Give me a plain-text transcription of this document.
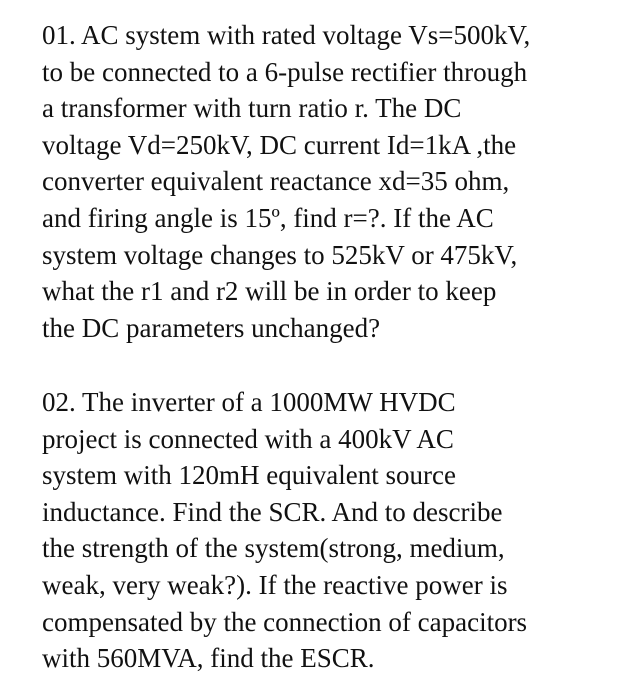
01. AC system with rated voltage Vs=500kV,
to be connected to a 6-pulse rectifier through
a transformer with turn ratio r. The DC
voltage Vd=250kV, DC current Id=1kA ,the
converter equivalent reactance xd=35 ohm,
and firing angle is 15º, find r=?. If the AC
system voltage changes to 525kV or 475kV,
what the r1 and r2 will be in order to keep
the DC parameters unchanged?

02. The inverter of a 1000MW HVDC
project is connected with a 400kV AC
system with 120mH equivalent source
inductance. Find the SCR. And to describe
the strength of the system(strong, medium,
weak, very weak?). If the reactive power is
compensated by the connection of capacitors
with 560MVA, find the ESCR.
